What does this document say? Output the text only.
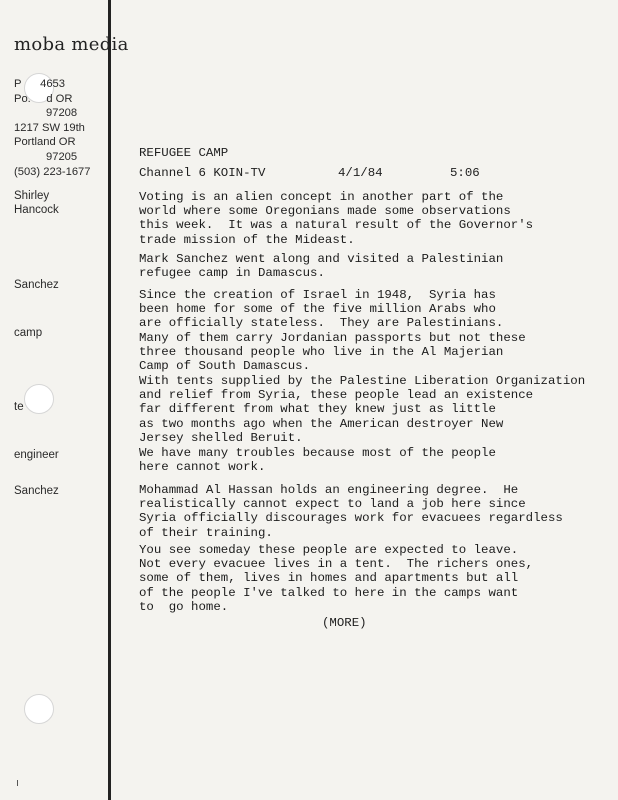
moba media
P      4653
Po.     d OR
97208
1217 SW 19th
Portland OR
97205
(503) 223-1677
Shirley
Hancock
Sanchez
camp
te
engineer
Sanchez
REFUGEE CAMP
Channel 6 KOIN-TV	4/1/84	5:06

Voting is an alien concept in another part of the

world where some Oregonians made some observations

this week.  It was a natural result of the Governor's

trade mission of the Mideast.

Mark Sanchez went along and visited a Palestinian

refugee camp in Damascus.

Since the creation of Israel in 1948,  Syria has

been home for some of the five million Arabs who

are officially stateless.  They are Palestinians.

Many of them carry Jordanian passports but not these

three thousand people who live in the Al Majerian

Camp of South Damascus.

With tents supplied by the Palestine Liberation Organization

and relief from Syria, these people lead an existence

far different from what they knew just as little

as two months ago when the American destroyer New

Jersey shelled Beruit.

We have many troubles because most of the people

here cannot work.

Mohammad Al Hassan holds an engineering degree.  He

realistically cannot expect to land a job here since

Syria officially discourages work for evacuees regardless

of their training.

You see someday these people are expected to leave.

Not every evacuee lives in a tent.  The richers ones,

some of them, lives in homes and apartments but all

of the people I've talked to here in the camps want

to  go home.

(MORE)
